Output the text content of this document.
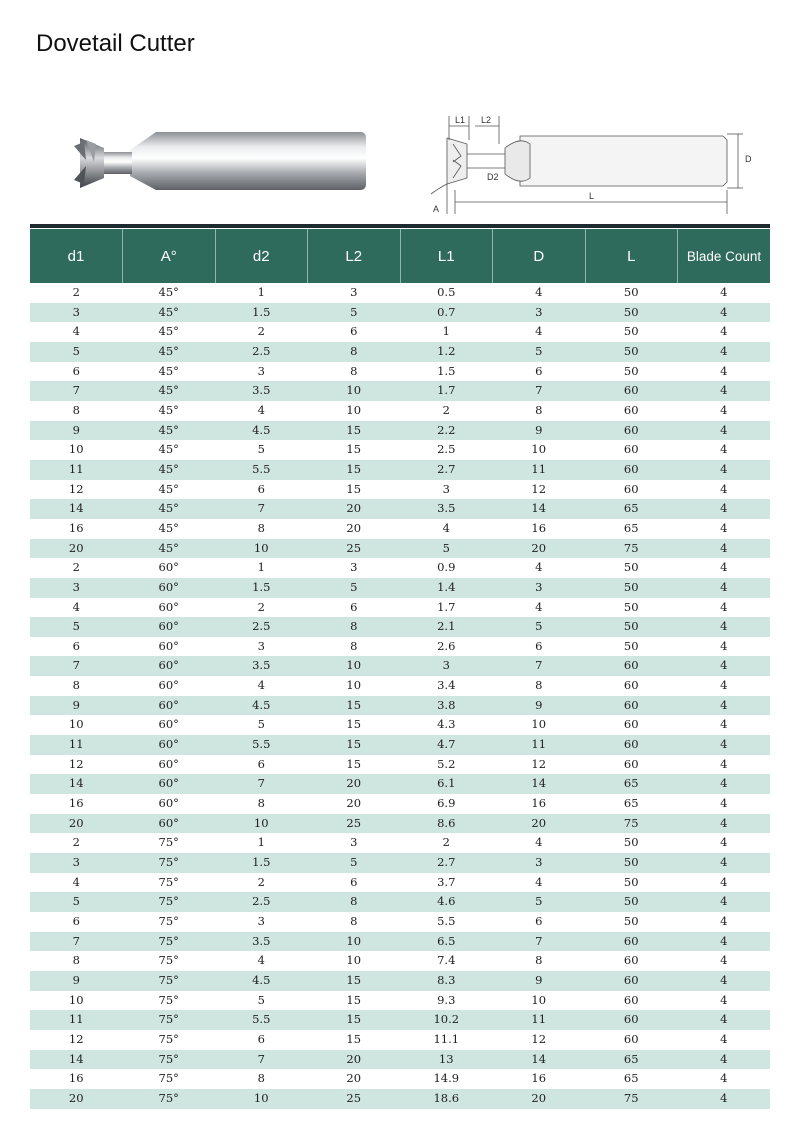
Dovetail Cutter
L1 L2
D
D2
L
A
d1	A°	d2	L2	L1	D	L	Blade Count
2	45°	1	3	0.5	4	50	4
3	45°	1.5	5	0.7	3	50	4
4	45°	2	6	1	4	50	4
5	45°	2.5	8	1.2	5	50	4
6	45°	3	8	1.5	6	50	4
7	45°	3.5	10	1.7	7	60	4
8	45°	4	10	2	8	60	4
9	45°	4.5	15	2.2	9	60	4
10	45°	5	15	2.5	10	60	4
11	45°	5.5	15	2.7	11	60	4
12	45°	6	15	3	12	60	4
14	45°	7	20	3.5	14	65	4
16	45°	8	20	4	16	65	4
20	45°	10	25	5	20	75	4
2	60°	1	3	0.9	4	50	4
3	60°	1.5	5	1.4	3	50	4
4	60°	2	6	1.7	4	50	4
5	60°	2.5	8	2.1	5	50	4
6	60°	3	8	2.6	6	50	4
7	60°	3.5	10	3	7	60	4
8	60°	4	10	3.4	8	60	4
9	60°	4.5	15	3.8	9	60	4
10	60°	5	15	4.3	10	60	4
11	60°	5.5	15	4.7	11	60	4
12	60°	6	15	5.2	12	60	4
14	60°	7	20	6.1	14	65	4
16	60°	8	20	6.9	16	65	4
20	60°	10	25	8.6	20	75	4
2	75°	1	3	2	4	50	4
3	75°	1.5	5	2.7	3	50	4
4	75°	2	6	3.7	4	50	4
5	75°	2.5	8	4.6	5	50	4
6	75°	3	8	5.5	6	50	4
7	75°	3.5	10	6.5	7	60	4
8	75°	4	10	7.4	8	60	4
9	75°	4.5	15	8.3	9	60	4
10	75°	5	15	9.3	10	60	4
11	75°	5.5	15	10.2	11	60	4
12	75°	6	15	11.1	12	60	4
14	75°	7	20	13	14	65	4
16	75°	8	20	14.9	16	65	4
20	75°	10	25	18.6	20	75	4
